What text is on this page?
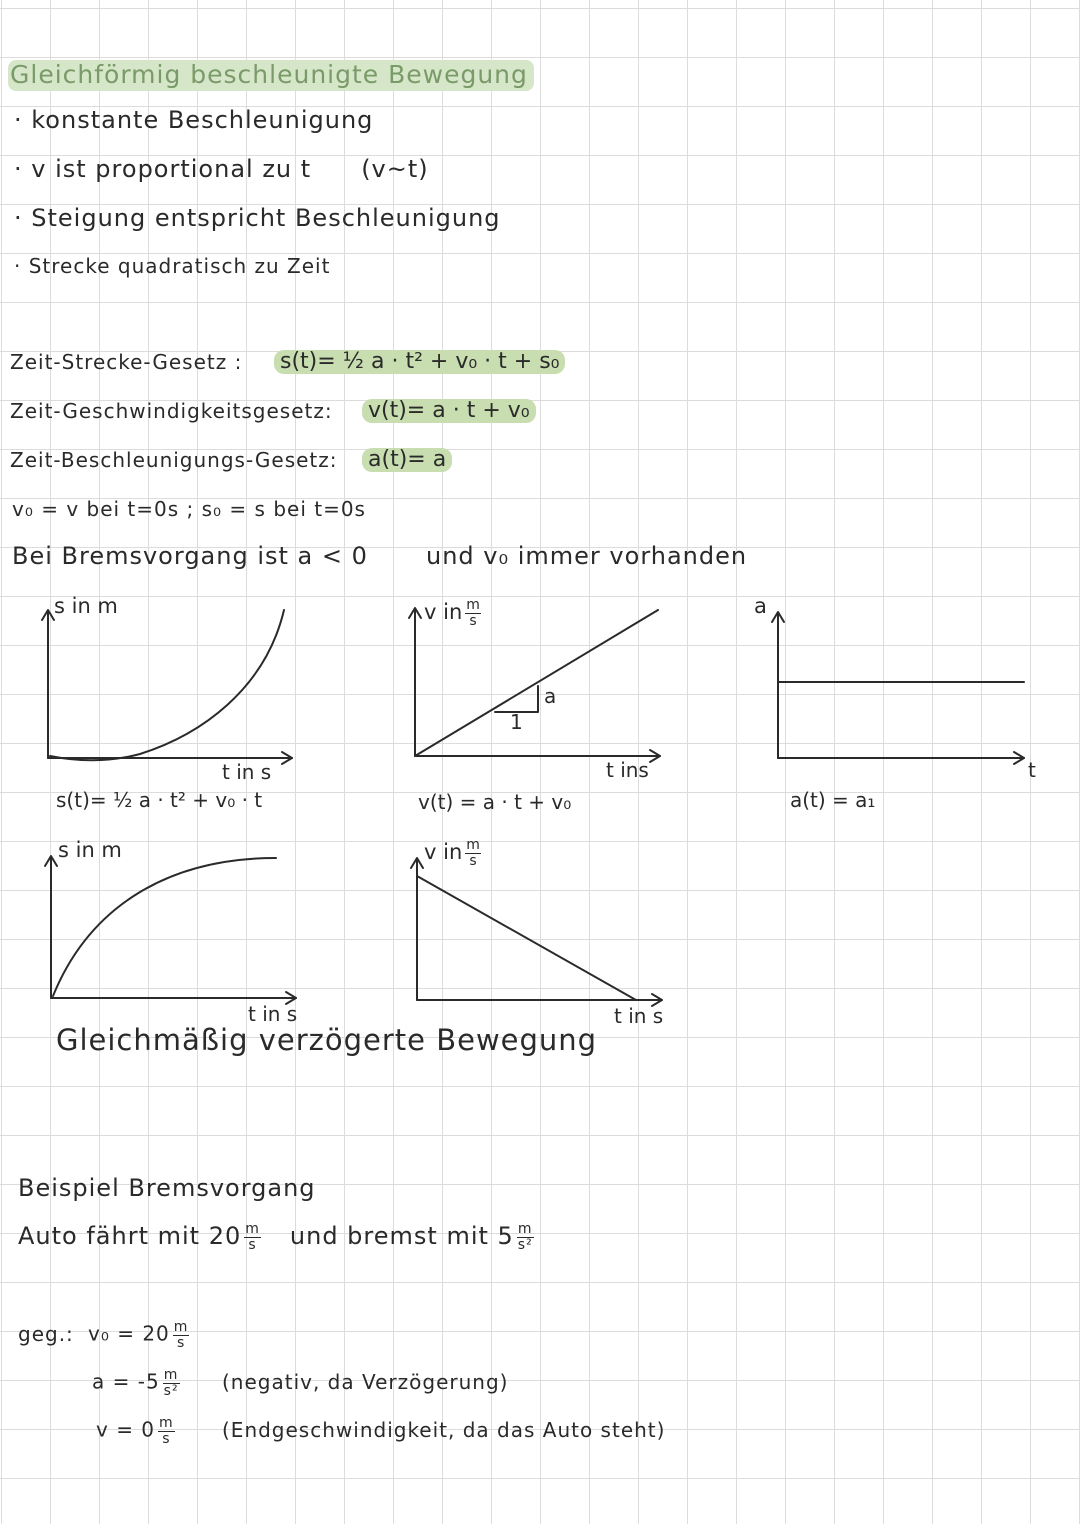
Gleichförmig beschleunigte Bewegung
· konstante Beschleunigung
· v ist proportional zu t (v~t)
· Steigung entspricht Beschleunigung
· Strecke quadratisch zu Zeit
Zeit-Strecke-Gesetz : s(t)= ½ a · t² + v₀ · t + s₀
Zeit-Geschwindigkeitsgesetz: v(t)= a · t + v₀
Zeit-Beschleunigungs-Gesetz: a(t)= a
v₀ = v bei t=0s ; s₀ = s bei t=0s
Bei Bremsvorgang ist a < 0 und v₀ immer vorhanden
s in m
t in s
s(t)= ½ a · t² + v₀ · t
v in $\frac{m}{s}$
a
1
t ins
v(t) = a · t + v₀
a
t
a(t) = a₁
s in m
t in s
v in $\frac{m}{s}$
t in s
Gleichmäßig verzögerte Bewegung
Beispiel Bremsvorgang
Auto fährt mit $20 \frac{m}{s}$ und bremst mit $5 \frac{m}{\text{s²}}$
geg.: $v_0 = 20 \frac{m}{s}$
$a = -5 \frac{m}{\text{s²}}$ (negativ, da Verzögerung)
$v = 0 \frac{m}{s}$ (Endgeschwindigkeit, da das Auto steht)
